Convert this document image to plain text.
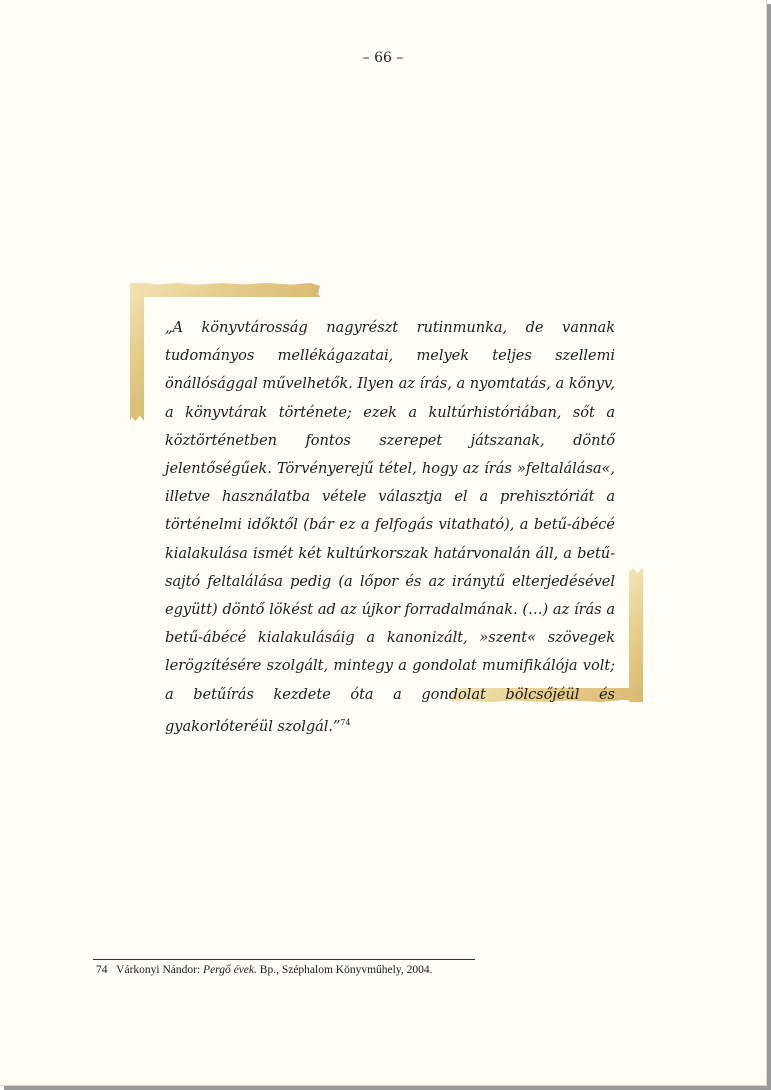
– 66 –
„A könyvtárosság nagyrészt rutinmunka, de vannak tudományos mellékágazatai, melyek teljes szellemi önállósággal művelhetők. Ilyen az írás, a nyomtatás, a könyv, a könyvtárak története; ezek a kultúrhistóriában, sőt a köztörténetben fontos szerepet játszanak, döntő jelentőségűek. Törvényerejű tétel, hogy az írás »feltalálása«, illetve használatba vétele választja el a prehisztóriát a történelmi időktől (bár ez a felfogás vitatható), a betű-ábécé kialakulása ismét két kultúrkorszak határvonalán áll, a betű-sajtó feltalálása pedig (a lőpor és az iránytű elterjedésével együtt) döntő lökést ad az újkor forradalmának. (…) az írás a betű-ábécé kialakulásáig a kanonizált, »szent« szövegek lerögzítésére szolgált, mintegy a gondolat mumifikálója volt; a betűírás kezdete óta a gondolat bölcsőjéül és gyakorlóteréül szolgál.”$^{74}$
74 Várkonyi Nándor: Pergő évek. Bp., Széphalom Könyvműhely, 2004.
